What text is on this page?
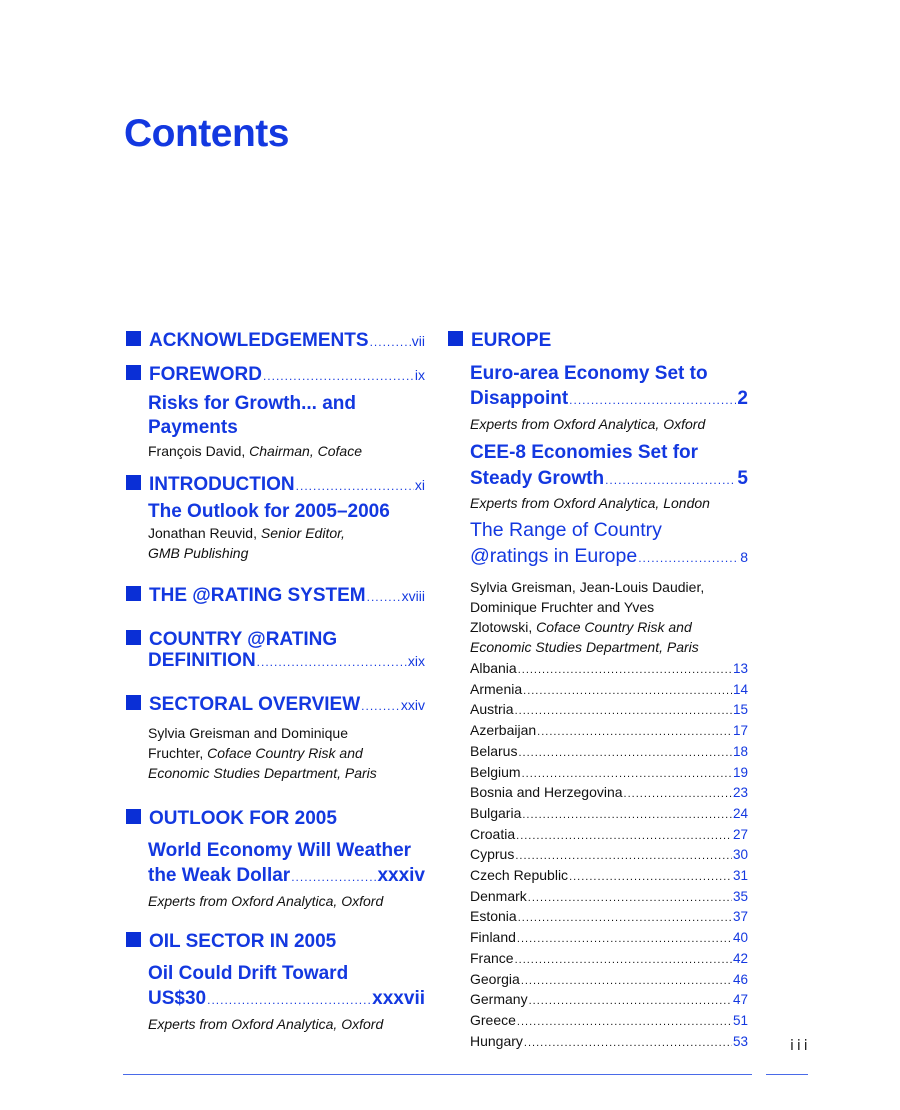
Contents
ACKNOWLEDGEMENTS .....	vii
FOREWORD .....	ix
Risks for Growth... and
Payments
François David, Chairman, Coface
INTRODUCTION .....	xi
The Outlook for 2005–2006
Jonathan Reuvid, Senior Editor,
GMB Publishing
THE @RATING SYSTEM .....	xviii
COUNTRY @RATING
DEFINITION .....	xix
SECTORAL OVERVIEW .....	xxiv
Sylvia Greisman and Dominique
Fruchter, Coface Country Risk and
Economic Studies Department, Paris
OUTLOOK FOR 2005
World Economy Will Weather
the Weak Dollar .....	xxxiv
Experts from Oxford Analytica, Oxford
OIL SECTOR IN 2005
Oil Could Drift Toward
US$30 .....	xxxvii
Experts from Oxford Analytica, Oxford
EUROPE
Euro-area Economy Set to
Disappoint .....	2
Experts from Oxford Analytica, Oxford
CEE-8 Economies Set for
Steady Growth .....	5
Experts from Oxford Analytica, London
The Range of Country
@ratings in Europe .....	8
Sylvia Greisman, Jean-Louis Daudier,
Dominique Fruchter and Yves
Zlotowski, Coface Country Risk and
Economic Studies Department, Paris
Albania .....	13
Armenia .....	14
Austria .....	15
Azerbaijan .....	17
Belarus .....	18
Belgium .....	19
Bosnia and Herzegovina .....	23
Bulgaria .....	24
Croatia .....	27
Cyprus .....	30
Czech Republic .....	31
Denmark .....	35
Estonia .....	37
Finland .....	40
France .....	42
Georgia .....	46
Germany .....	47
Greece .....	51
Hungary .....	53	iii
